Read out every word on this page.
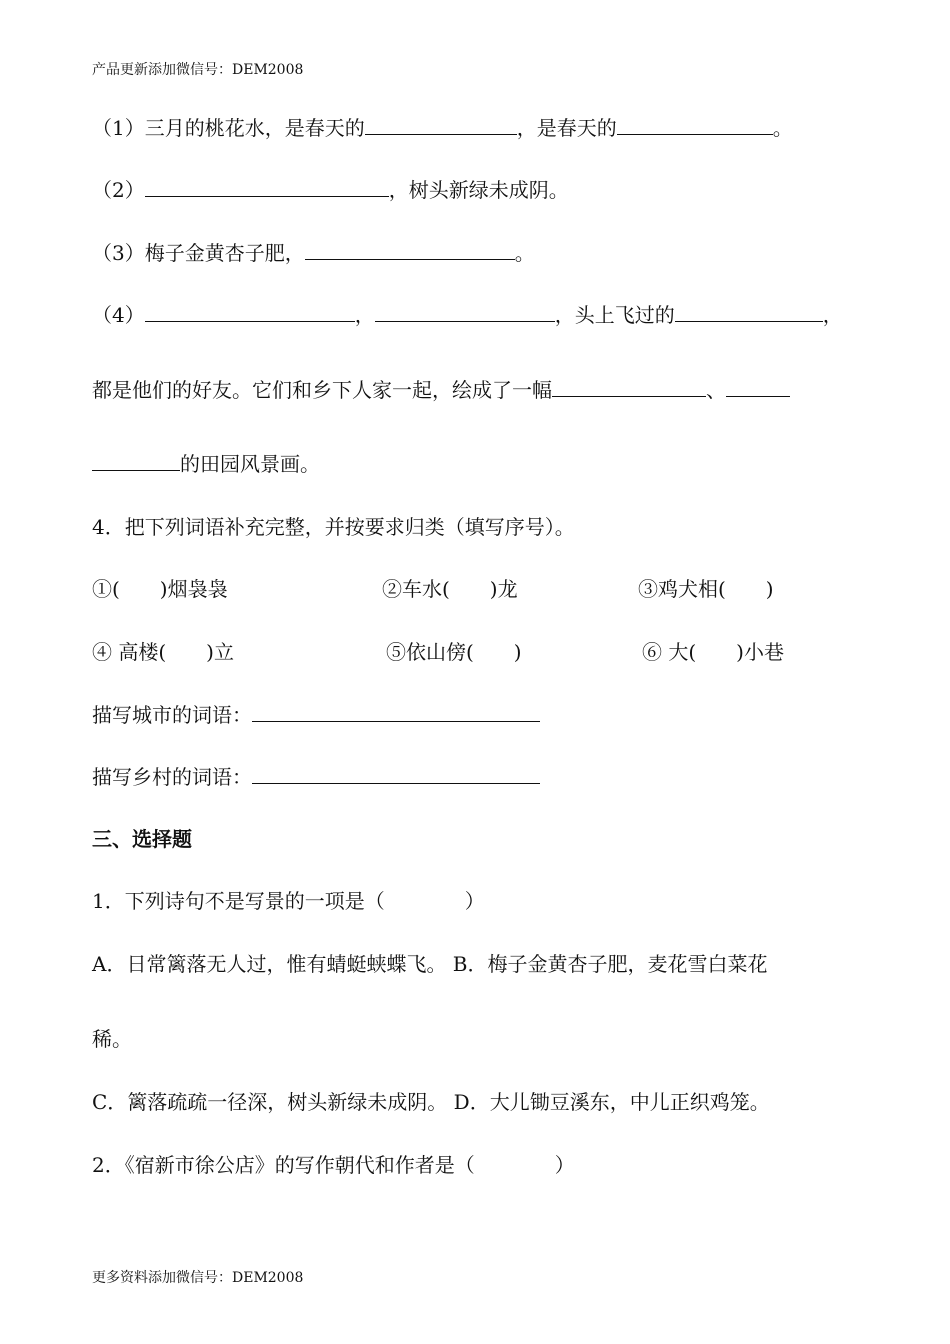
产品更新添加微信号：DEM2008
（1）三月的桃花水，是春天的	，是春天的	。
（2）	，树头新绿未成阴。
（3）梅子金黄杏子肥，	。
（4）	，	，头上飞过的	，
都是他们的好友。它们和乡下人家一起，绘成了一幅	、
的田园风景画。
4．把下列词语补充完整，并按要求归类（填写序号）。
①(　　)烟袅袅	②车水(　　)龙	③鸡犬相(　　)
④ 高楼(　　)立	⑤依山傍(　　)	⑥ 大(　　)小巷
描写城市的词语：
描写乡村的词语：
三、选择题
1．下列诗句不是写景的一项是（　　　　）
A．日常篱落无人过，惟有蜻蜓蛱蝶飞。 B．梅子金黄杏子肥，麦花雪白菜花
稀。
C．篱落疏疏一径深，树头新绿未成阴。 D．大儿锄豆溪东，中儿正织鸡笼。
2．《宿新市徐公店》的写作朝代和作者是（　　　　）
更多资料添加微信号：DEM2008
